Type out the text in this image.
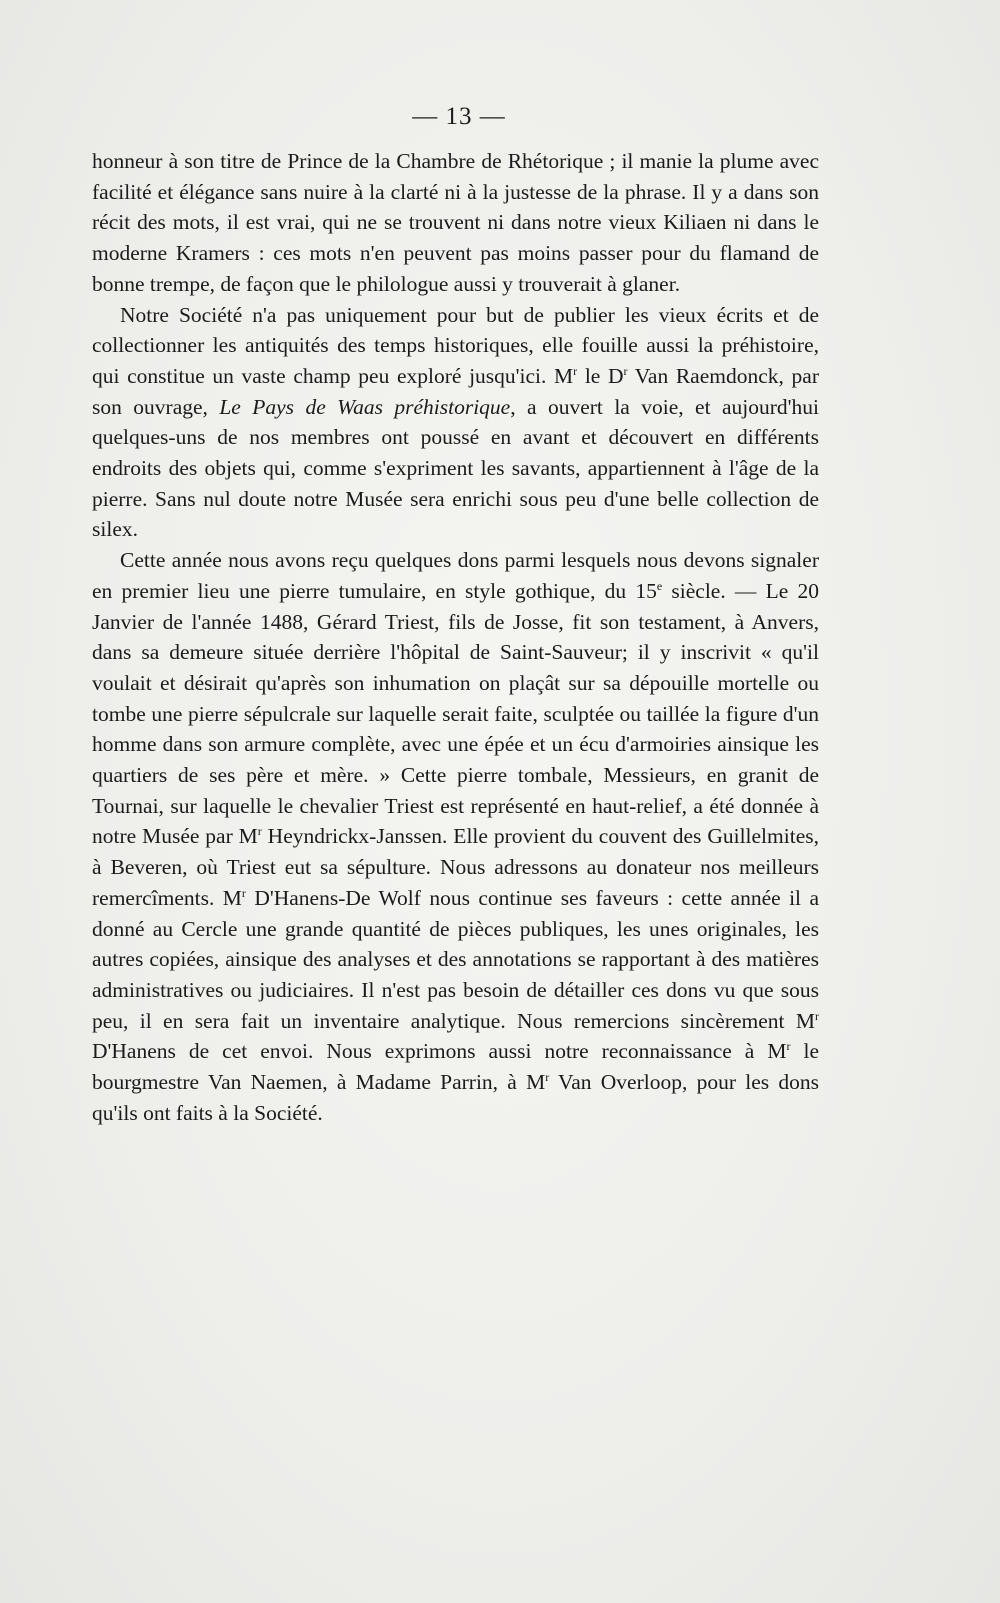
— 13 —

honneur à son titre de Prince de la Chambre de Rhétorique ; il manie la plume avec facilité et élégance sans nuire à la clarté ni à la justesse de la phrase. Il y a dans son récit des mots, il est vrai, qui ne se trouvent ni dans notre vieux Kiliaen ni dans le moderne Kramers : ces mots n'en peuvent pas moins passer pour du flamand de bonne trempe, de façon que le philologue aussi y trouverait à glaner.

Notre Société n'a pas uniquement pour but de publier les vieux écrits et de collectionner les antiquités des temps historiques, elle fouille aussi la préhistoire, qui constitue un vaste champ peu exploré jusqu'ici. $M^r$ le $D^r$ Van Raemdonck, par son ouvrage, Le Pays de Waas préhistorique, a ouvert la voie, et aujourd'hui quelques-uns de nos membres ont poussé en avant et découvert en différents endroits des objets qui, comme s'expriment les savants, appartiennent à l'âge de la pierre. Sans nul doute notre Musée sera enrichi sous peu d'une belle collection de silex.

Cette année nous avons reçu quelques dons parmi lesquels nous devons signaler en premier lieu une pierre tumulaire, en style gothique, du 15e siècle. — Le 20 Janvier de l'année 1488, Gérard Triest, fils de Josse, fit son testament, à Anvers, dans sa demeure située derrière l'hôpital de Saint-Sauveur; il y inscrivit « qu'il voulait et désirait qu'après son inhumation on plaçât sur sa dépouille mortelle ou tombe une pierre sépulcrale sur laquelle serait faite, sculptée ou taillée la figure d'un homme dans son armure complète, avec une épée et un écu d'armoiries ainsique les quartiers de ses père et mère. » Cette pierre tombale, Messieurs, en granit de Tournai, sur laquelle le chevalier Triest est représenté en haut-relief, a été donnée à notre Musée par $M^r$ Heyndrickx-Janssen. Elle provient du couvent des Guillelmites, à Beveren, où Triest eut sa sépulture. Nous adressons au donateur nos meilleurs remercîments. $M^r$ D'Hanens-De Wolf nous continue ses faveurs : cette année il a donné au Cercle une grande quantité de pièces publiques, les unes originales, les autres copiées, ainsique des analyses et des annotations se rapportant à des matières administratives ou judiciaires. Il n'est pas besoin de détailler ces dons vu que sous peu, il en sera fait un inventaire analytique. Nous remercions sincèrement $M^r$ D'Hanens de cet envoi. Nous exprimons aussi notre reconnaissance à $M^r$ le bourgmestre Van Naemen, à Madame Parrin, à $M^r$ Van Overloop, pour les dons qu'ils ont faits à la Société.
